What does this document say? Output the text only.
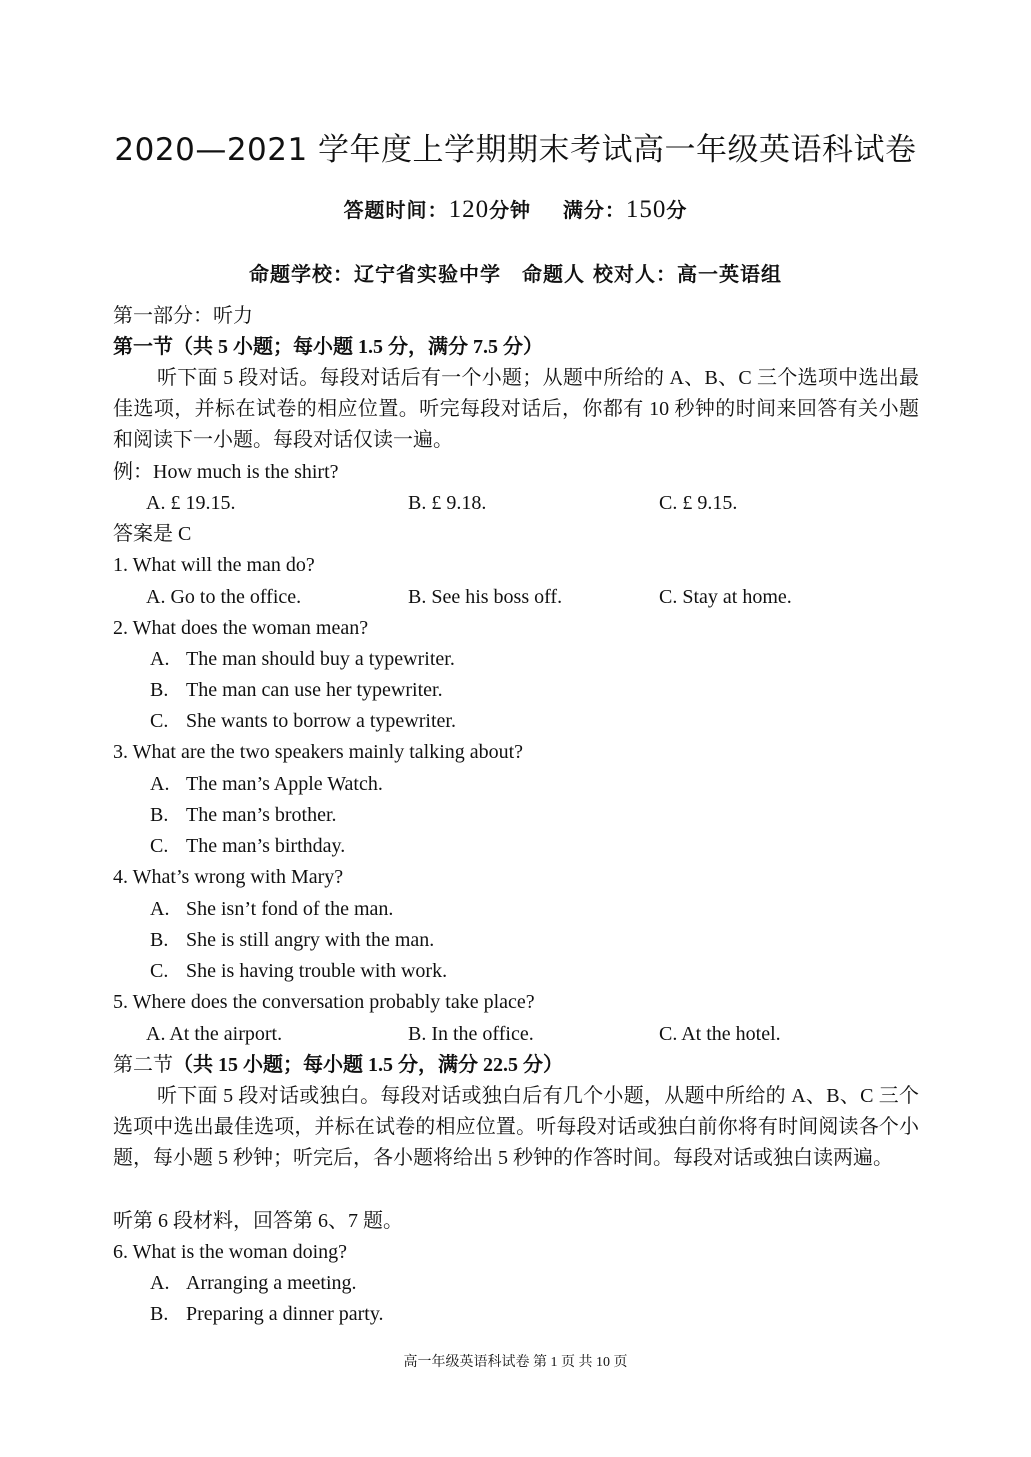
2020—2021 学年度上学期期末考试高一年级英语科试卷
答题时间：120分钟 满分：150分
命题学校：辽宁省实验中学　命题人 校对人：高一英语组
第一部分：听力
第一节（共 5 小题；每小题 1.5 分，满分 7.5 分）
听下面 5 段对话。每段对话后有一个小题；从题中所给的 A、B、C 三个选项中选出最佳选项，并标在试卷的相应位置。听完每段对话后，你都有 10 秒钟的时间来回答有关小题和阅读下一小题。每段对话仅读一遍。
例：How much is the shirt?
A. £ 19.15.	B. £ 9.18.	C. £ 9.15.
答案是 C
1. What will the man do?
A. Go to the office.	B. See his boss off.	C. Stay at home.
2. What does the woman mean?
A. The man should buy a typewriter.
B. The man can use her typewriter.
C. She wants to borrow a typewriter.
3. What are the two speakers mainly talking about?
A. The man’s Apple Watch.
B. The man’s brother.
C. The man’s birthday.
4. What’s wrong with Mary?
A. She isn’t fond of the man.
B. She is still angry with the man.
C. She is having trouble with work.
5. Where does the conversation probably take place?
A. At the airport.	B. In the office.	C. At the hotel.
第二节（共 15 小题；每小题 1.5 分，满分 22.5 分）
听下面 5 段对话或独白。每段对话或独白后有几个小题，从题中所给的 A、B、C 三个选项中选出最佳选项，并标在试卷的相应位置。听每段对话或独白前你将有时间阅读各个小题，每小题 5 秒钟；听完后，各小题将给出 5 秒钟的作答时间。每段对话或独白读两遍。
听第 6 段材料，回答第 6、7 题。
6. What is the woman doing?
A. Arranging a meeting.
B. Preparing a dinner party.
高一年级英语科试卷 第 1 页 共 10 页
